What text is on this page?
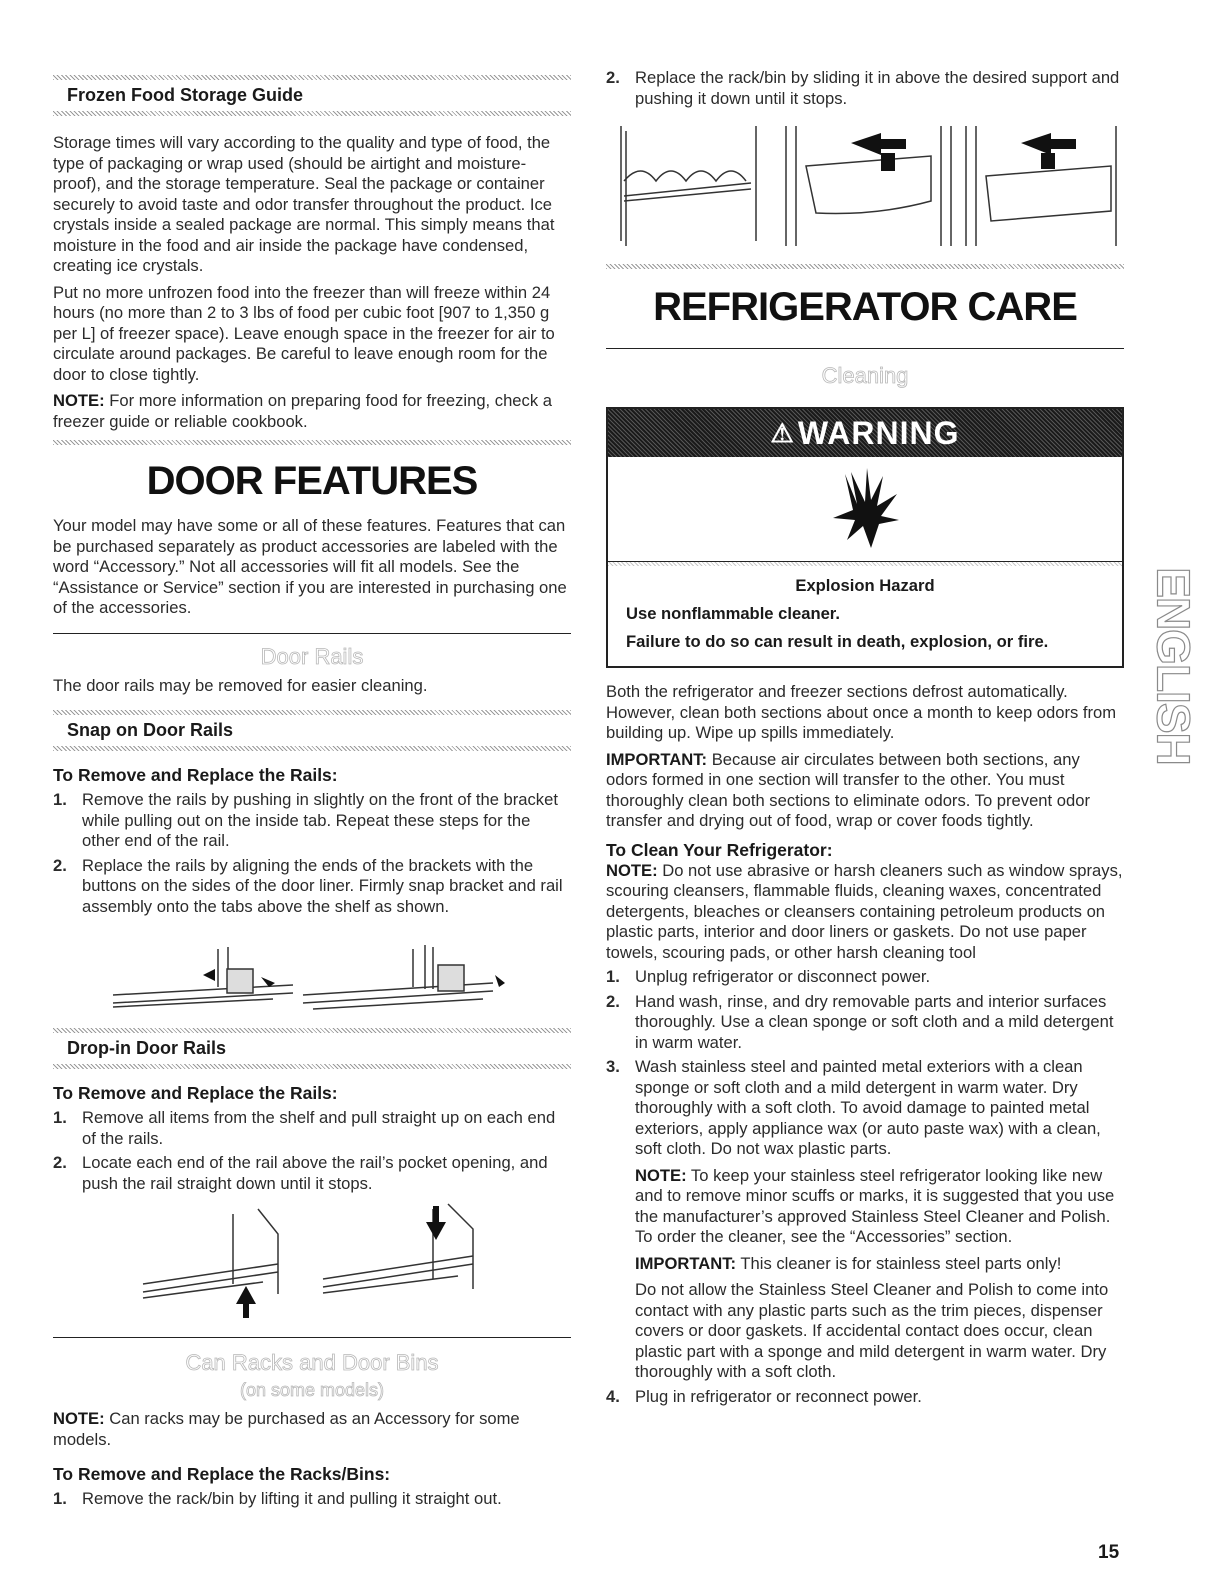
Frozen Food Storage Guide

Storage times will vary according to the quality and type of food, the type of packaging or wrap used (should be airtight and moisture-proof), and the storage temperature. Seal the package or container securely to avoid taste and odor transfer throughout the product. Ice crystals inside a sealed package are normal. This simply means that moisture in the food and air inside the package have condensed, creating ice crystals.

Put no more unfrozen food into the freezer than will freeze within 24 hours (no more than 2 to 3 lbs of food per cubic foot [907 to 1,350 g per L] of freezer space). Leave enough space in the freezer for air to circulate around packages. Be careful to leave enough room for the door to close tightly.

NOTE: For more information on preparing food for freezing, check a freezer guide or reliable cookbook.

DOOR FEATURES

Your model may have some or all of these features. Features that can be purchased separately as product accessories are labeled with the word “Accessory.” Not all accessories will fit all models. See the “Assistance or Service” section if you are interested in purchasing one of the accessories.

Door Rails

The door rails may be removed for easier cleaning.

Snap on Door Rails
To Remove and Replace the Rails:
1. Remove the rails by pushing in slightly on the front of the bracket while pulling out on the inside tab. Repeat these steps for the other end of the rail.
2. Replace the rails by aligning the ends of the brackets with the buttons on the sides of the door liner. Firmly snap bracket and rail assembly onto the tabs above the shelf as shown.
Drop-in Door Rails
To Remove and Replace the Rails:
1. Remove all items from the shelf and pull straight up on each end of the rails.
2. Locate each end of the rail above the rail’s pocket opening, and push the rail straight down until it stops.
Can Racks and Door Bins
(on some models)

NOTE: Can racks may be purchased as an Accessory for some models.

To Remove and Replace the Racks/Bins:
1. Remove the rack/bin by lifting it and pulling it straight out.
2. Replace the rack/bin by sliding it in above the desired support and pushing it down until it stops.
REFRIGERATOR CARE
Cleaning
⚠ WARNING
Explosion Hazard
Use nonflammable cleaner.
Failure to do so can result in death, explosion, or fire.

Both the refrigerator and freezer sections defrost automatically. However, clean both sections about once a month to keep odors from building up. Wipe up spills immediately.

IMPORTANT: Because air circulates between both sections, any odors formed in one section will transfer to the other. You must thoroughly clean both sections to eliminate odors. To prevent odor transfer and drying out of food, wrap or cover foods tightly.

To Clean Your Refrigerator:

NOTE: Do not use abrasive or harsh cleaners such as window sprays, scouring cleansers, flammable fluids, cleaning waxes, concentrated detergents, bleaches or cleansers containing petroleum products on plastic parts, interior and door liners or gaskets. Do not use paper towels, scouring pads, or other harsh cleaning tool

1. Unplug refrigerator or disconnect power.
2. Hand wash, rinse, and dry removable parts and interior surfaces thoroughly. Use a clean sponge or soft cloth and a mild detergent in warm water.
3. Wash stainless steel and painted metal exteriors with a clean sponge or soft cloth and a mild detergent in warm water. Dry thoroughly with a soft cloth. To avoid damage to painted metal exteriors, apply appliance wax (or auto paste wax) with a clean, soft cloth. Do not wax plastic parts.

NOTE: To keep your stainless steel refrigerator looking like new and to remove minor scuffs or marks, it is suggested that you use the manufacturer’s approved Stainless Steel Cleaner and Polish. To order the cleaner, see the “Accessories” section.

IMPORTANT: This cleaner is for stainless steel parts only!

Do not allow the Stainless Steel Cleaner and Polish to come into contact with any plastic parts such as the trim pieces, dispenser covers or door gaskets. If accidental contact does occur, clean plastic part with a sponge and mild detergent in warm water. Dry thoroughly with a soft cloth.

4. Plug in refrigerator or reconnect power.
ENGLISH
15
